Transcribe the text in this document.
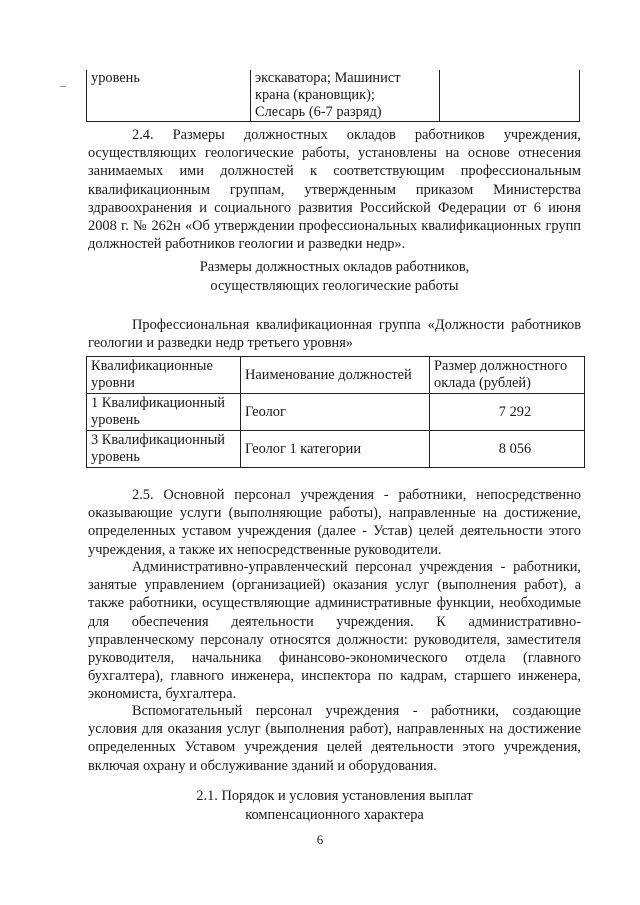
уровень	экскаватора; Машинист
крана (крановщик);
Слесарь (6-7 разряд)

2.4. Размеры должностных окладов работников учреждения, осуществляющих геологические работы, установлены на основе отнесения занимаемых ими должностей к соответствующим профессиональным квалификационным группам, утвержденным приказом Министерства здравоохранения и социального развития Российской Федерации от 6 июня 2008 г. № 262н «Об утверждении профессиональных квалификационных групп должностей работников геологии и разведки недр».

Размеры должностных окладов работников,
осуществляющих геологические работы

Профессиональная квалификационная группа «Должности работников геологии и разведки недр третьего уровня»

Квалификационные уровни	Наименование должностей	Размер должностного оклада (рублей)
1 Квалификационный уровень	Геолог	7 292
3 Квалификационный уровень	Геолог 1 категории	8 056

2.5. Основной персонал учреждения - работники, непосредственно оказывающие услуги (выполняющие работы), направленные на достижение, определенных уставом учреждения (далее - Устав) целей деятельности этого учреждения, а также их непосредственные руководители.

Административно-управленческий персонал учреждения - работники, занятые управлением (организацией) оказания услуг (выполнения работ), а также работники, осуществляющие административные функции, необходимые для обеспечения деятельности учреждения. К административно-управленческому персоналу относятся должности: руководителя, заместителя руководителя, начальника финансово-экономического отдела (главного бухгалтера), главного инженера, инспектора по кадрам, старшего инженера, экономиста, бухгалтера.

Вспомогательный персонал учреждения - работники, создающие условия для оказания услуг (выполнения работ), направленных на достижение определенных Уставом учреждения целей деятельности этого учреждения, включая охрану и обслуживание зданий и оборудования.

2.1. Порядок и условия установления выплат
компенсационного характера
6
